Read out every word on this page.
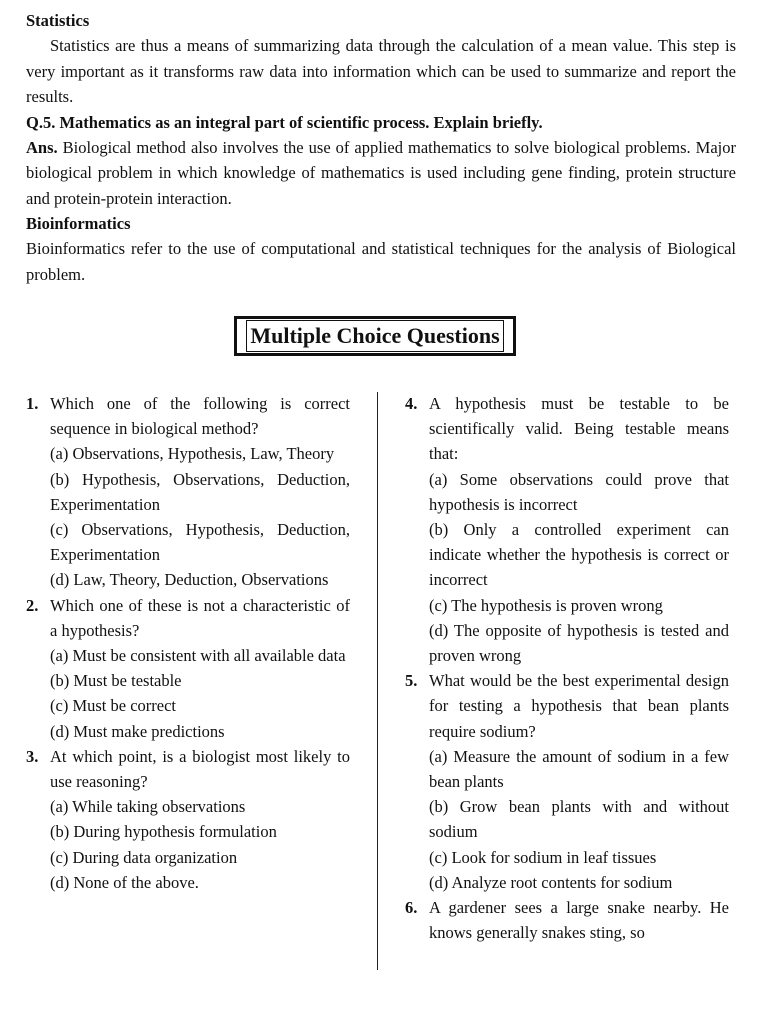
Statistics

Statistics are thus a means of summarizing data through the calculation of a mean value. This step is very important as it transforms raw data into information which can be used to summarize and report the results.

Q.5. Mathematics as an integral part of scientific process. Explain briefly.

Ans. Biological method also involves the use of applied mathematics to solve biological problems. Major biological problem in which knowledge of mathematics is used including gene finding, protein structure and protein-protein interaction.

Bioinformatics

Bioinformatics refer to the use of computational and statistical techniques for the analysis of Biological problem.

Multiple Choice Questions
1. Which one of the following is correct sequence in biological method?
(a) Observations, Hypothesis, Law, Theory
(b) Hypothesis, Observations, Deduction, Experimentation
(c) Observations, Hypothesis, Deduction, Experimentation
(d) Law, Theory, Deduction, Observations
2. Which one of these is not a characteristic of a hypothesis?
(a) Must be consistent with all available data
(b) Must be testable
(c) Must be correct
(d) Must make predictions
3. At which point, is a biologist most likely to use reasoning?
(a) While taking observations
(b) During hypothesis formulation
(c) During data organization
(d) None of the above.
4. A hypothesis must be testable to be scientifically valid. Being testable means that:
(a) Some observations could prove that hypothesis is incorrect
(b) Only a controlled experiment can indicate whether the hypothesis is correct or incorrect
(c) The hypothesis is proven wrong
(d) The opposite of hypothesis is tested and proven wrong
5. What would be the best experimental design for testing a hypothesis that bean plants require sodium?
(a) Measure the amount of sodium in a few bean plants
(b) Grow bean plants with and without sodium
(c) Look for sodium in leaf tissues
(d) Analyze root contents for sodium
6. A gardener sees a large snake nearby. He knows generally snakes sting, so
